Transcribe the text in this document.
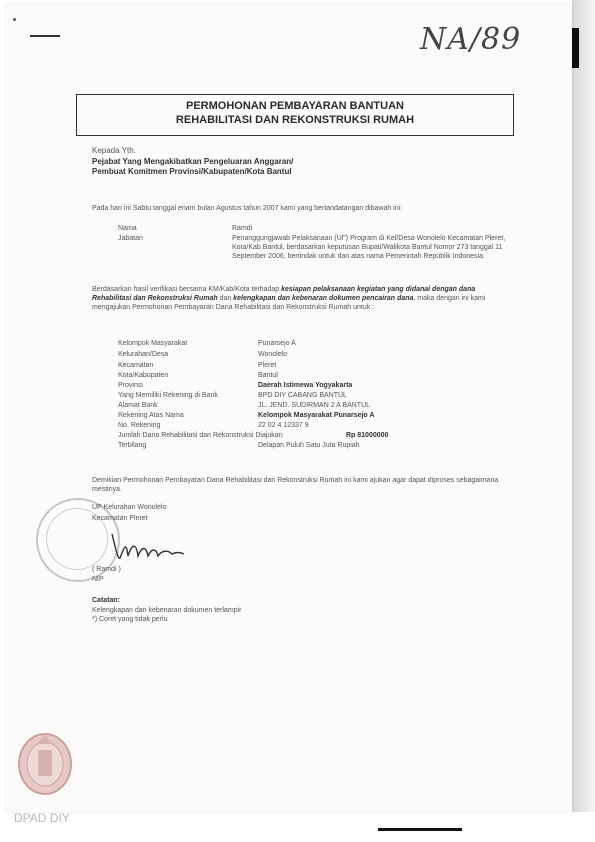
NA/89
PERMOHONAN PEMBAYARAN BANTUAN
REHABILITASI DAN REKONSTRUKSI RUMAH
Kepada Yth.
Pejabat Yang Mengakibatkan Pengeluaran Anggaran/
Pembuat Komitmen Provinsi/Kabupaten/Kota Bantul
Pada hari ini Sabtu tanggal enam bulan Agustus tahun 2007 kami yang bertandatangan dibawah ini:
Nama	Ramdi
Jabatan	Penanggungjawab Pelaksanaan (Ul") Program di Kel/Desa Wonolelo Kecamatan Pleret, Kota/Kab Bantul, berdasarkan keputusan Bupati/Walikota Bantul Nomor 273 tanggal 11 September 2006, bertindak untuk dan atas nama Pemerintah Republik Indonesia
Berdasarkan hasil verifikasi bersama KM/Kab/Kota terhadap kesiapan pelaksanaan kegiatan yang didanai dengan dana Rehabilitasi dan Rekonstruksi Rumah dan kelengkapan dan kebenaran dokumen pencairan dana, maka dengan ini kami mengajukan Permohonan Pembayaran Dana Rehabilitasi dan Rekonstruksi Rumah untuk :
Kelompok Masyarakat	Punarsejo A
Kelurahan/Desa	Wonolelo
Kecamatan	Pleret
Kota/Kabupaten	Bantul
Provinsi	Daerah Istimewa Yogyakarta
Yang Memiliki Rekening di Bank	BPD DIY CABANG BANTUL
Alamat Bank	JL. JEND. SUDIRMAN 2 A BANTUL
Rekening Atas Nama	Kelompok Masyarakat Punarsejo A
No. Rekening	22 02 4 12337 9
Jumlah Dana Rehabilitasi dan Rekonstruksi Diajukan	Rp 81000000
Terbilang	Delapan Puluh Satu Juta Rupiah
Demikian Permohonan Pembayaran Dana Rehabilitasi dan Rekonstruksi Rumah ini kami ajukan agar dapat diproses sebagaimana mestinya.
UP Kelurahan Wonolelo
Kecamatan Pleret
( Ramdi )
NIP
Catatan:
Kelengkapan dan kebenaran dokumen terlampir
*) Coret yang tidak perlu
DPAD DIY
